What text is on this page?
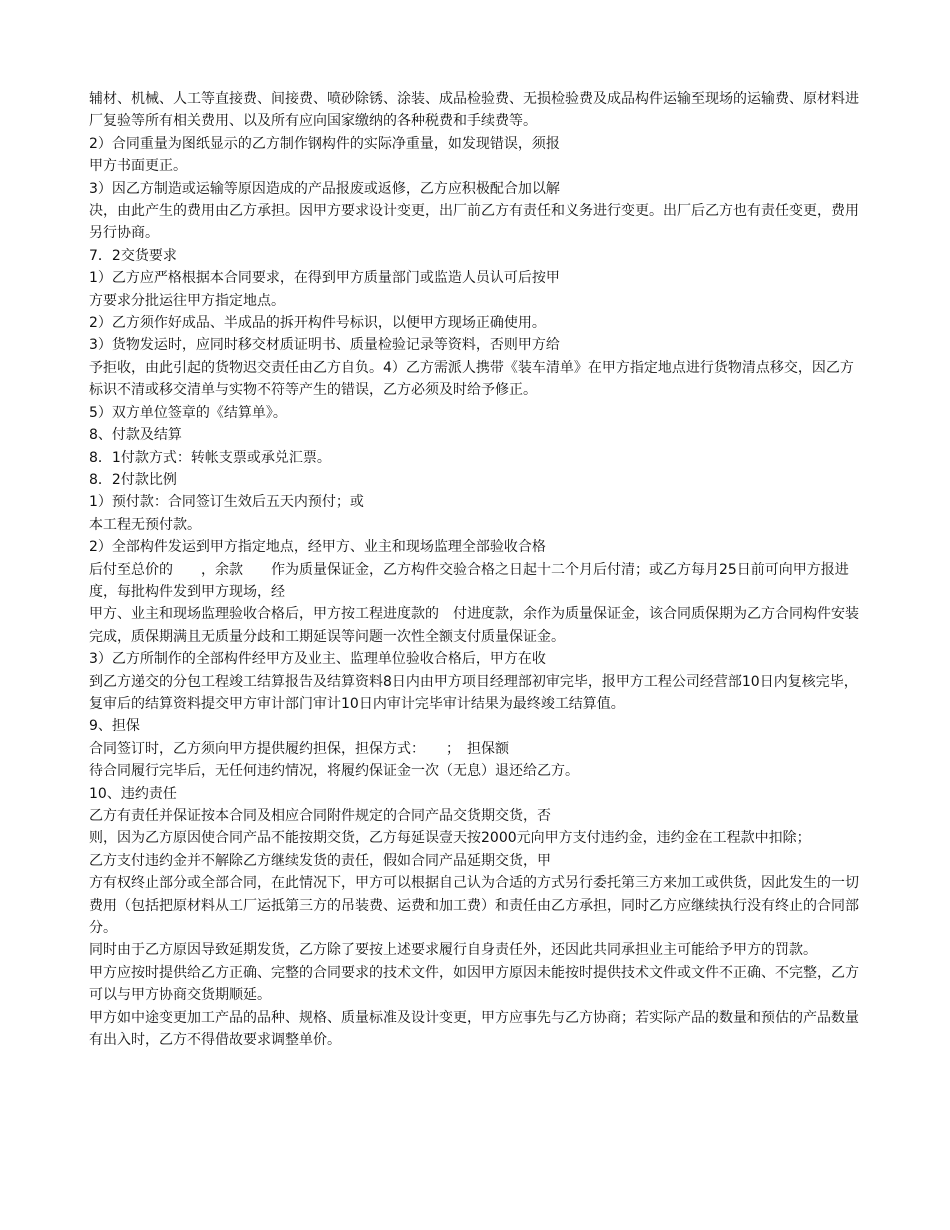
辅材、机械、人工等直接费、间接费、喷砂除锈、涂装、成品检验费、无损检验费及成品构件运输至现场的运输费、原材料进厂复验等所有相关费用、以及所有应向国家缴纳的各种税费和手续费等。
2）合同重量为图纸显示的乙方制作钢构件的实际净重量，如发现错误，须报
甲方书面更正。
3）因乙方制造或运输等原因造成的产品报废或返修，乙方应积极配合加以解
决，由此产生的费用由乙方承担。因甲方要求设计变更，出厂前乙方有责任和义务进行变更。出厂后乙方也有责任变更，费用另行协商。
7．2交货要求
1）乙方应严格根据本合同要求，在得到甲方质量部门或监造人员认可后按甲
方要求分批运往甲方指定地点。
2）乙方须作好成品、半成品的拆开构件号标识，以便甲方现场正确使用。
3）货物发运时，应同时移交材质证明书、质量检验记录等资料，否则甲方给
予拒收，由此引起的货物迟交责任由乙方自负。4）乙方需派人携带《装车清单》在甲方指定地点进行货物清点移交，因乙方
标识不清或移交清单与实物不符等产生的错误，乙方必须及时给予修正。
5）双方单位签章的《结算单》。
8、付款及结算
8．1付款方式：转帐支票或承兑汇票。
8．2付款比例
1）预付款：合同签订生效后五天内预付；或
本工程无预付款。
2）全部构件发运到甲方指定地点，经甲方、业主和现场监理全部验收合格
后付至总价的　　，余款　　作为质量保证金，乙方构件交验合格之日起十二个月后付清；或乙方每月25日前可向甲方报进度，每批构件发到甲方现场，经
甲方、业主和现场监理验收合格后，甲方按工程进度款的　付进度款，余作为质量保证金，该合同质保期为乙方合同构件安装完成，质保期满且无质量分歧和工期延误等问题一次性全额支付质量保证金。
3）乙方所制作的全部构件经甲方及业主、监理单位验收合格后，甲方在收
到乙方递交的分包工程竣工结算报告及结算资料8日内由甲方项目经理部初审完毕，报甲方工程公司经营部10日内复核完毕，复审后的结算资料提交甲方审计部门审计10日内审计完毕审计结果为最终竣工结算值。
9、担保
合同签订时，乙方须向甲方提供履约担保，担保方式：　　；　担保额
待合同履行完毕后，无任何违约情况，将履约保证金一次（无息）退还给乙方。
10、违约责任
乙方有责任并保证按本合同及相应合同附件规定的合同产品交货期交货，否
则，因为乙方原因使合同产品不能按期交货，乙方每延误壹天按2000元向甲方支付违约金，违约金在工程款中扣除；
乙方支付违约金并不解除乙方继续发货的责任，假如合同产品延期交货，甲
方有权终止部分或全部合同，在此情况下，甲方可以根据自己认为合适的方式另行委托第三方来加工或供货，因此发生的一切费用（包括把原材料从工厂运抵第三方的吊装费、运费和加工费）和责任由乙方承担，同时乙方应继续执行没有终止的合同部分。
同时由于乙方原因导致延期发货，乙方除了要按上述要求履行自身责任外，还因此共同承担业主可能给予甲方的罚款。
甲方应按时提供给乙方正确、完整的合同要求的技术文件，如因甲方原因未能按时提供技术文件或文件不正确、不完整，乙方可以与甲方协商交货期顺延。
甲方如中途变更加工产品的品种、规格、质量标准及设计变更，甲方应事先与乙方协商；若实际产品的数量和预估的产品数量有出入时，乙方不得借故要求调整单价。
